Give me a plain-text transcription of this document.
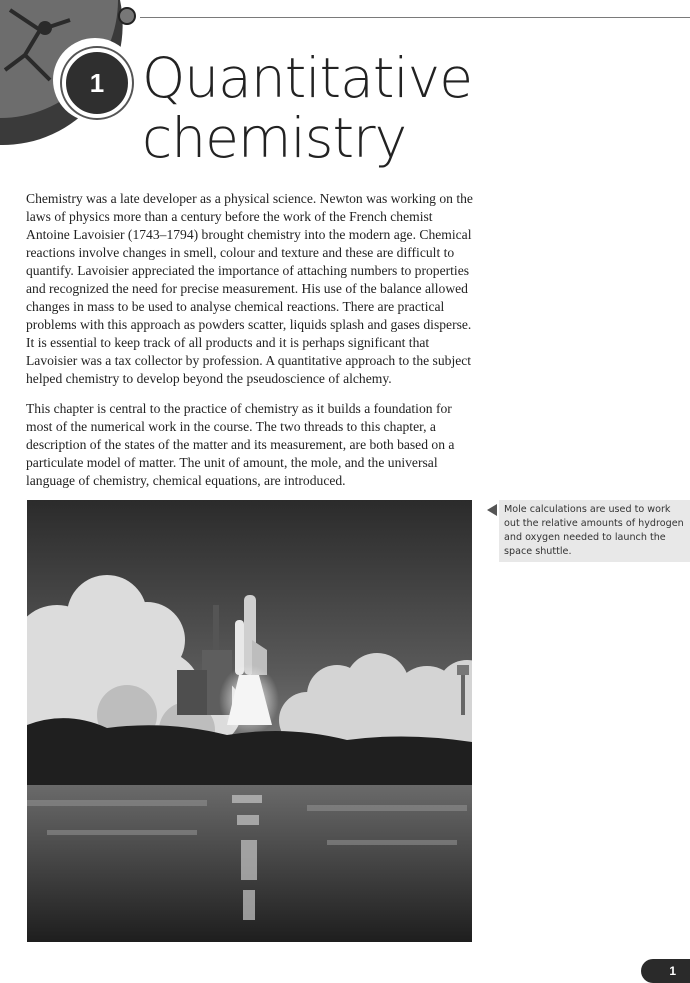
1 Quantitative
chemistry

Chemistry was a late developer as a physical science. Newton was working on the laws of physics more than a century before the work of the French chemist Antoine Lavoisier (1743–1794) brought chemistry into the modern age. Chemical reactions involve changes in smell, colour and texture and these are difficult to quantify. Lavoisier appreciated the importance of attaching numbers to properties and recognized the need for precise measurement. His use of the balance allowed changes in mass to be used to analyse chemical reactions. There are practical problems with this approach as powders scatter, liquids splash and gases disperse. It is essential to keep track of all products and it is perhaps significant that Lavoisier was a tax collector by profession. A quantitative approach to the subject helped chemistry to develop beyond the pseudoscience of alchemy.

This chapter is central to the practice of chemistry as it builds a foundation for most of the numerical work in the course. The two threads to this chapter, a description of the states of the matter and its measurement, are both based on a particulate model of matter. The unit of amount, the mole, and the universal language of chemistry, chemical equations, are introduced.

Mole calculations are used to work out the relative amounts of hydrogen and oxygen needed to launch the space shuttle.
1
